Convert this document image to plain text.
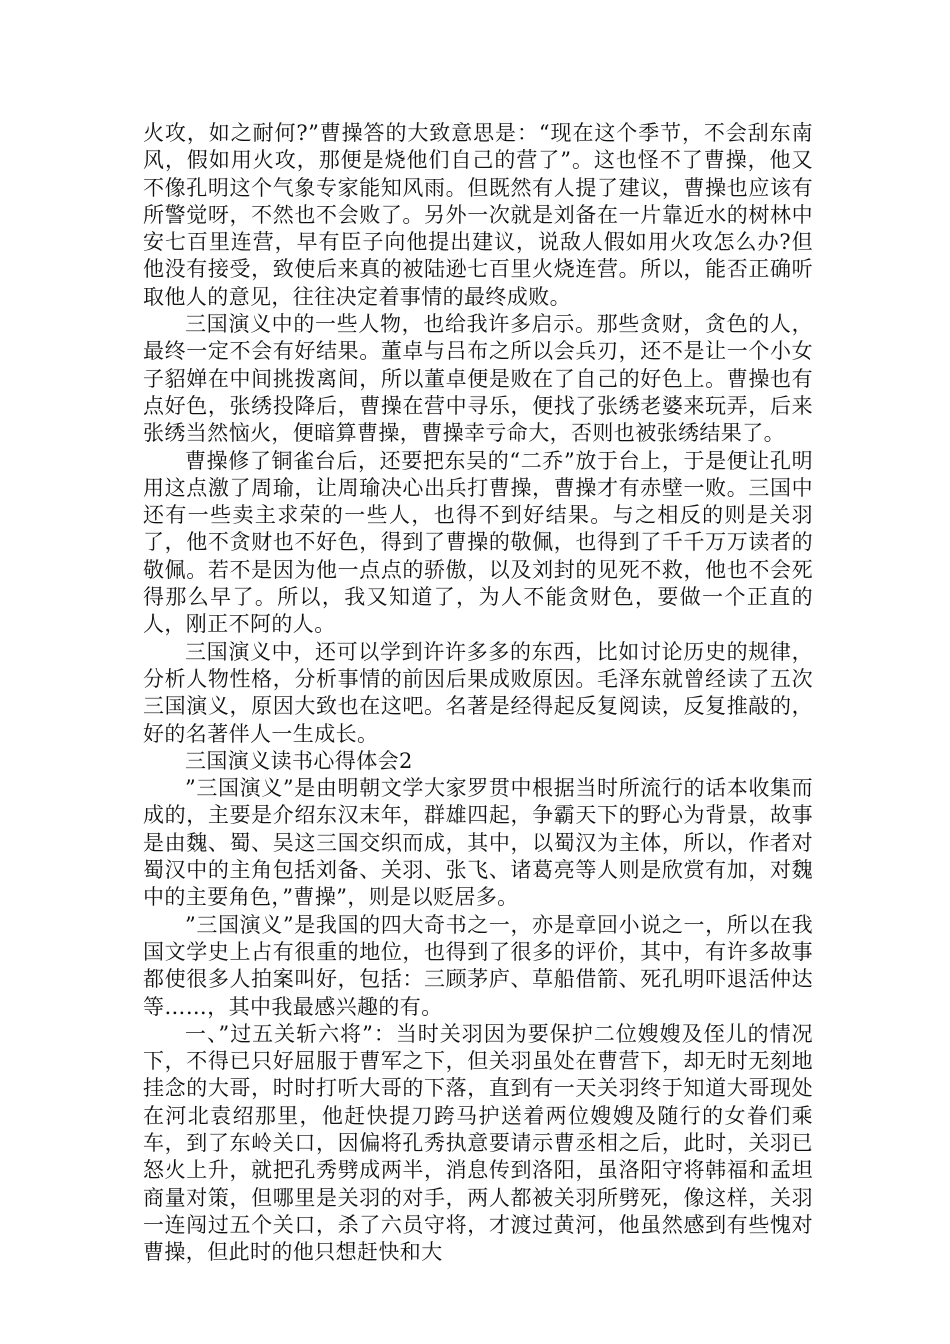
火攻，如之耐何?”曹操答的大致意思是：“现在这个季节，不会刮东南风，假如用火攻，那便是烧他们自己的营了”。这也怪不了曹操，他又不像孔明这个气象专家能知风雨。但既然有人提了建议，曹操也应该有所警觉呀，不然也不会败了。另外一次就是刘备在一片靠近水的树林中安七百里连营，早有臣子向他提出建议，说敌人假如用火攻怎么办?但他没有接受，致使后来真的被陆逊七百里火烧连营。所以，能否正确听取他人的意见，往往决定着事情的最终成败。

三国演义中的一些人物，也给我许多启示。那些贪财，贪色的人，最终一定不会有好结果。董卓与吕布之所以会兵刃，还不是让一个小女子貂婵在中间挑拨离间，所以董卓便是败在了自己的好色上。曹操也有点好色，张绣投降后，曹操在营中寻乐，便找了张绣老婆来玩弄，后来张绣当然恼火，便暗算曹操，曹操幸亏命大，否则也被张绣结果了。

曹操修了铜雀台后，还要把东吴的“二乔”放于台上，于是便让孔明用这点激了周瑜，让周瑜决心出兵打曹操，曹操才有赤壁一败。三国中还有一些卖主求荣的一些人，也得不到好结果。与之相反的则是关羽了，他不贪财也不好色，得到了曹操的敬佩，也得到了千千万万读者的敬佩。若不是因为他一点点的骄傲，以及刘封的见死不救，他也不会死得那么早了。所以，我又知道了，为人不能贪财色，要做一个正直的人，刚正不阿的人。

三国演义中，还可以学到许许多多的东西，比如讨论历史的规律，分析人物性格，分析事情的前因后果成败原因。毛泽东就曾经读了五次三国演义，原因大致也在这吧。名著是经得起反复阅读，反复推敲的，好的名著伴人一生成长。

三国演义读书心得体会2

”三国演义”是由明朝文学大家罗贯中根据当时所流行的话本收集而成的，主要是介绍东汉末年，群雄四起，争霸天下的野心为背景，故事是由魏、蜀、吴这三国交织而成，其中，以蜀汉为主体，所以，作者对蜀汉中的主角包括刘备、关羽、张飞、诸葛亮等人则是欣赏有加，对魏中的主要角色，”曹操”，则是以贬居多。

”三国演义”是我国的四大奇书之一，亦是章回小说之一，所以在我国文学史上占有很重的地位，也得到了很多的评价，其中，有许多故事都使很多人拍案叫好，包括：三顾茅庐、草船借箭、死孔明吓退活仲达等……，其中我最感兴趣的有。

一、”过五关斩六将”：当时关羽因为要保护二位嫂嫂及侄儿的情况下，不得已只好屈服于曹军之下，但关羽虽处在曹营下，却无时无刻地挂念的大哥，时时打听大哥的下落，直到有一天关羽终于知道大哥现处在河北袁绍那里，他赶快提刀跨马护送着两位嫂嫂及随行的女眷们乘车，到了东岭关口，因偏将孔秀执意要请示曹丞相之后，此时，关羽已怒火上升，就把孔秀劈成两半，消息传到洛阳，虽洛阳守将韩福和孟坦商量对策，但哪里是关羽的对手，两人都被关羽所劈死，像这样，关羽一连闯过五个关口，杀了六员守将，才渡过黄河，他虽然感到有些愧对曹操，但此时的他只想赶快和大
